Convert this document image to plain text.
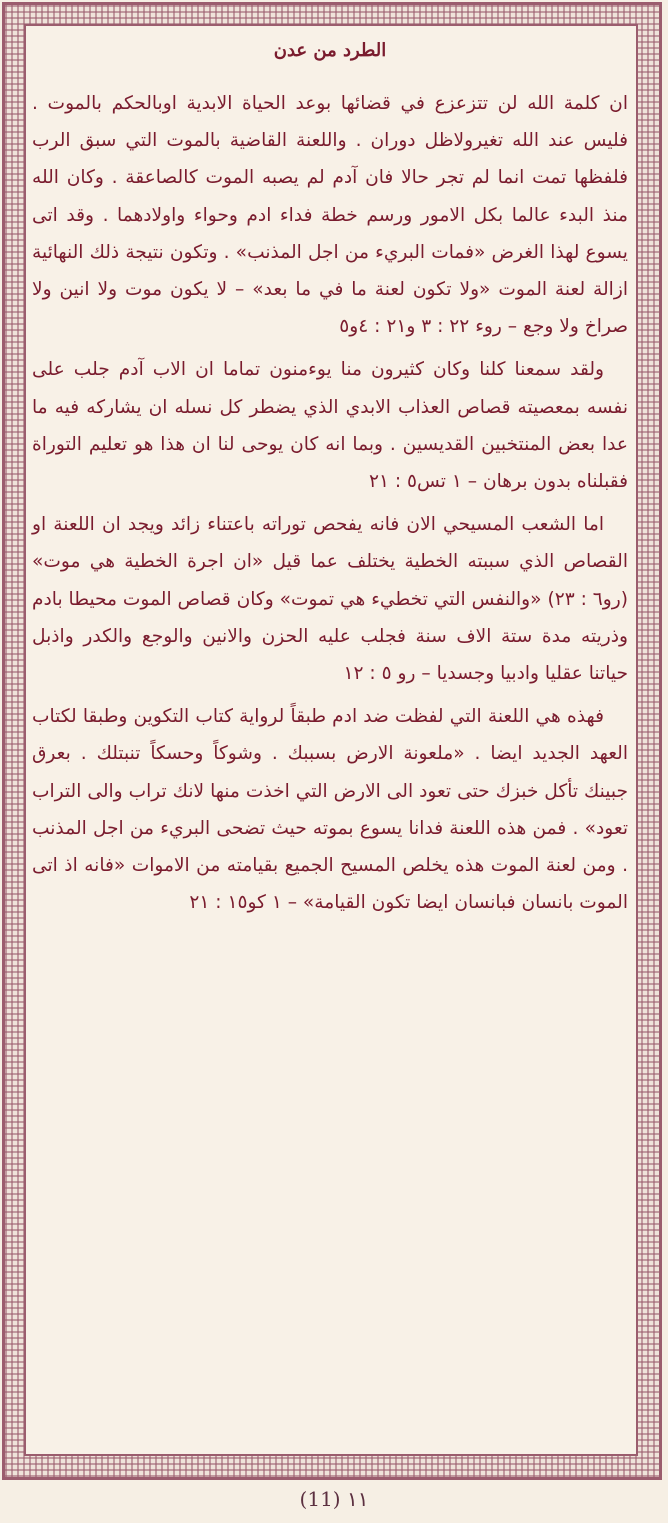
الطرد من عدن

ان كلمة الله لن تتزعزع في قضائها بوعد الحياة الابدية اوبالحكم بالموت . فليس عند الله تغيرولاظل دوران . واللعنة القاضية بالموت التي سبق الرب فلفظها تمت انما لم تجر حالا فان آدم لم يصبه الموت كالصاعقة . وكان الله منذ البدء عالما بكل الامور ورسم خطة فداء ادم وحواء واولادهما . وقد اتى يسوع لهذا الغرض «فمات البريء من اجل المذنب» . وتكون نتيجة ذلك النهائية ازالة لعنة الموت «ولا تكون لعنة ما في ما بعد» – لا يكون موت ولا انين ولا صراخ ولا وجع – روء ٢٢ : ٣ و٢١ : ٤و٥

ولقد سمعنا كلنا وكان كثيرون منا يوءمنون تماما ان الاب آدم جلب على نفسه بمعصيته قصاص العذاب الابدي الذي يضطر كل نسله ان يشاركه فيه ما عدا بعض المنتخبين القديسين . وبما انه كان يوحى لنا ان هذا هو تعليم التوراة فقبلناه بدون برهان – ١ تس٥ : ٢١

اما الشعب المسيحي الان فانه يفحص توراته باعتناء زائد ويجد ان اللعنة او القصاص الذي سببته الخطية يختلف عما قيل «ان اجرة الخطية هي موت» (رو٦ : ٢٣) «والنفس التي تخطيء هي تموت» وكان قصاص الموت محيطا بادم وذريته مدة ستة الاف سنة فجلب عليه الحزن والانين والوجع والكدر واذبل حياتنا عقليا وادبيا وجسديا – رو ٥ : ١٢

فهذه هي اللعنة التي لفظت ضد ادم طبقاً لرواية كتاب التكوين وطبقا لكتاب العهد الجديد ايضا . «ملعونة الارض بسببك . وشوكاً وحسكاً تنبتلك . بعرق جبينك تأكل خبزك حتى تعود الى الارض التي اخذت منها لانك تراب والى التراب تعود» . فمن هذه اللعنة فدانا يسوع بموته حيث تضحى البريء من اجل المذنب . ومن لعنة الموت هذه يخلص المسيح الجميع بقيامته من الاموات «فانه اذ اتى الموت بانسان فبانسان ايضا تكون القيامة» – ١ كو١٥ : ٢١

(11) ١١
